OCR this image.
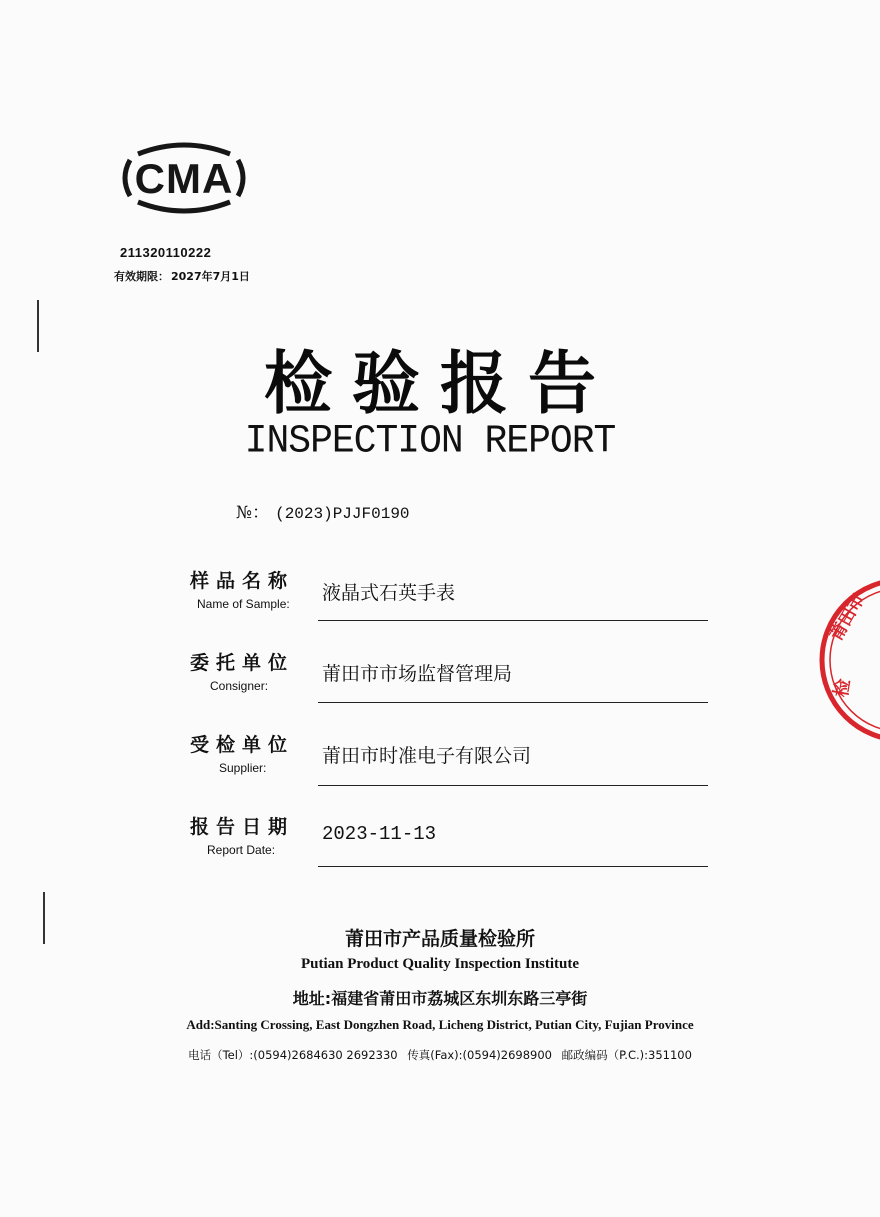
CMA
211320110222
有效期限： 2027年7月1日
检验报告
INSPECTION REPORT
№： (2023)PJJF0190
样品名称
Name of Sample: 液晶式石英手表
委托单位
Consigner:
莆田市市场监督管理局
受检单位
Supplier:
莆田市时准电子有限公司
报告日期
Report Date:
2023-11-13
莆田市产品质量检验所
Putian Product Quality Inspection Institute
地址:福建省莆田市荔城区东圳东路三亭街
Add:Santing Crossing, East Dongzhen Road, Licheng District, Putian City, Fujian Province
电话（Tel）:(0594)2684630 2692330 传真(Fax):(0594)2698900 邮政编码（P.C.):351100
莆田市
检
